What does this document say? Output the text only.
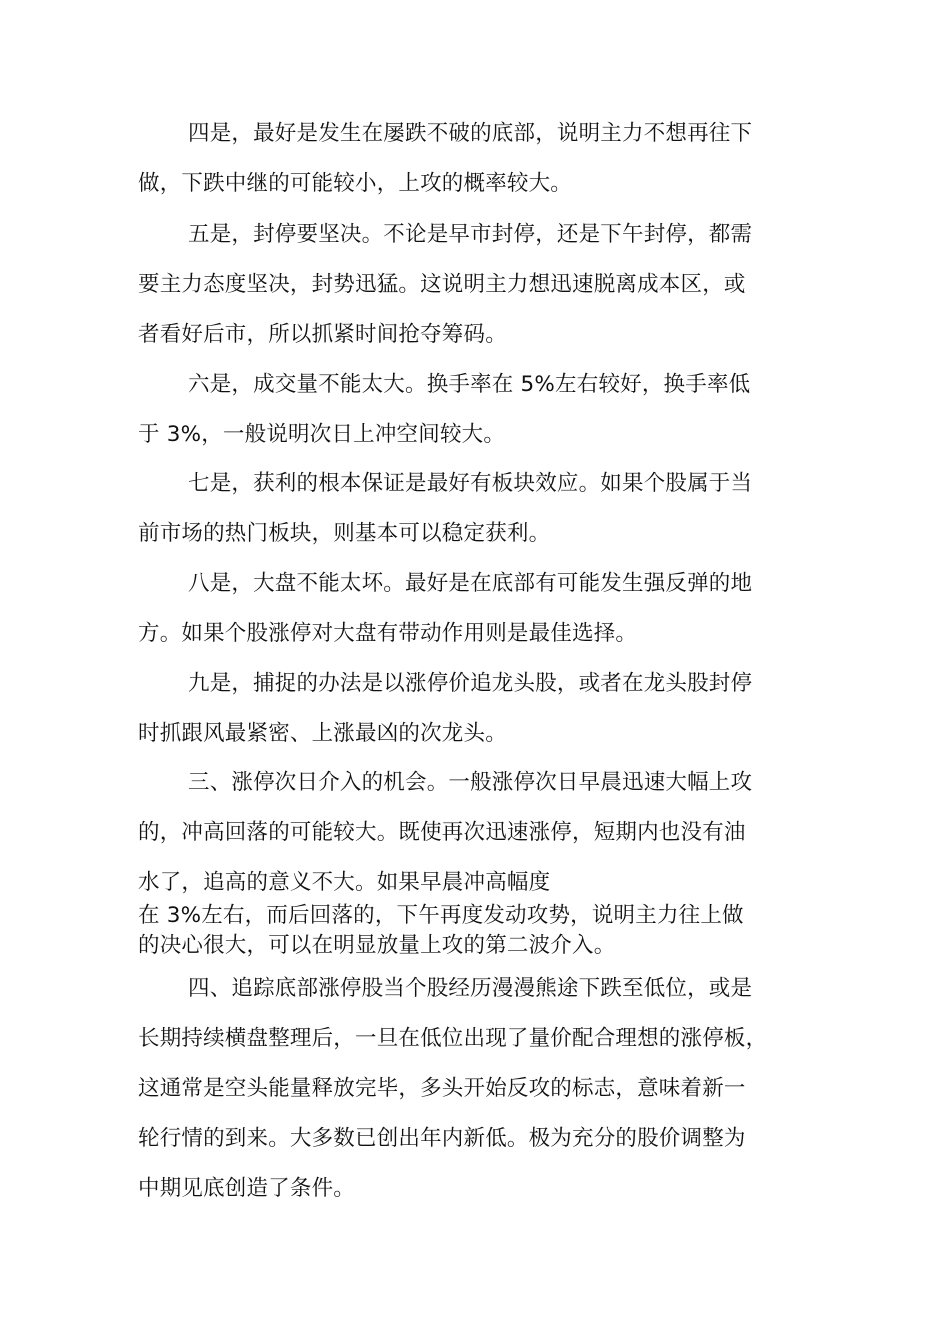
四是，最好是发生在屡跌不破的底部，说明主力不想再往下

做，下跌中继的可能较小，上攻的概率较大。

五是，封停要坚决。不论是早市封停，还是下午封停，都需

要主力态度坚决，封势迅猛。这说明主力想迅速脱离成本区，或

者看好后市，所以抓紧时间抢夺筹码。

六是，成交量不能太大。换手率在 5%左右较好，换手率低

于 3%，一般说明次日上冲空间较大。

七是，获利的根本保证是最好有板块效应。如果个股属于当

前市场的热门板块，则基本可以稳定获利。

八是，大盘不能太坏。最好是在底部有可能发生强反弹的地

方。如果个股涨停对大盘有带动作用则是最佳选择。

九是，捕捉的办法是以涨停价追龙头股，或者在龙头股封停

时抓跟风最紧密、上涨最凶的次龙头。

三、涨停次日介入的机会。一般涨停次日早晨迅速大幅上攻

的，冲高回落的可能较大。既使再次迅速涨停，短期内也没有油

水了，追高的意义不大。如果早晨冲高幅度

在 3%左右，而后回落的，下午再度发动攻势，说明主力往上做

的决心很大，可以在明显放量上攻的第二波介入。

四、追踪底部涨停股当个股经历漫漫熊途下跌至低位，或是

长期持续横盘整理后，一旦在低位出现了量价配合理想的涨停板，

这通常是空头能量释放完毕，多头开始反攻的标志，意味着新一

轮行情的到来。大多数已创出年内新低。极为充分的股价调整为

中期见底创造了条件。
